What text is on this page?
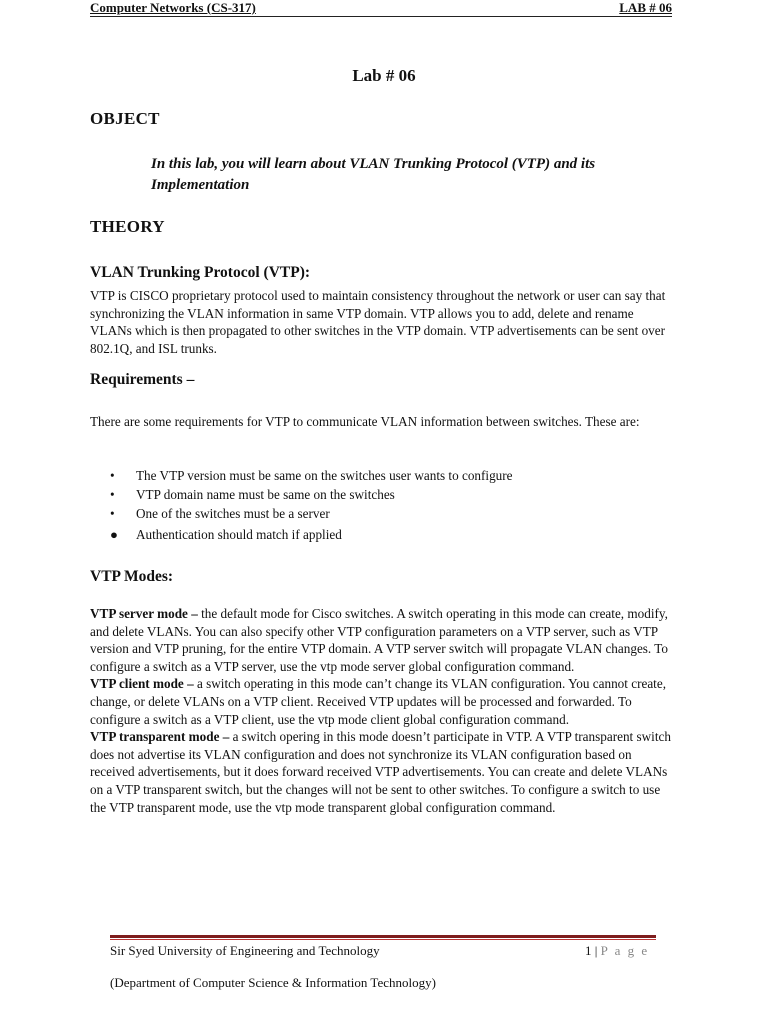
Computer Networks (CS-317)	LAB # 06
Lab # 06
OBJECT
In this lab, you will learn about VLAN Trunking Protocol (VTP) and its Implementation
THEORY
VLAN Trunking Protocol (VTP):
VTP is CISCO proprietary protocol used to maintain consistency throughout the network or user can say that synchronizing the VLAN information in same VTP domain. VTP allows you to add, delete and rename VLANs which is then propagated to other switches in the VTP domain. VTP advertisements can be sent over 802.1Q, and ISL trunks.
Requirements –
There are some requirements for VTP to communicate VLAN information between switches. These are:
•	The VTP version must be same on the switches user wants to configure
•	VTP domain name must be same on the switches
•	One of the switches must be a server
●	Authentication should match if applied
VTP Modes:
VTP server mode – the default mode for Cisco switches. A switch operating in this mode can create, modify, and delete VLANs. You can also specify other VTP configuration parameters on a VTP server, such as VTP version and VTP pruning, for the entire VTP domain. A VTP server switch will propagate VLAN changes. To configure a switch as a VTP server, use the vtp mode server global configuration command.
VTP client mode – a switch operating in this mode can’t change its VLAN configuration. You cannot create, change, or delete VLANs on a VTP client. Received VTP updates will be processed and forwarded. To configure a switch as a VTP client, use the vtp mode client global configuration command.
VTP transparent mode – a switch opering in this mode doesn’t participate in VTP. A VTP transparent switch does not advertise its VLAN configuration and does not synchronize its VLAN configuration based on received advertisements, but it does forward received VTP advertisements. You can create and delete VLANs on a VTP transparent switch, but the changes will not be sent to other switches. To configure a switch to use the VTP transparent mode, use the vtp mode transparent global configuration command.
Sir Syed University of Engineering and Technology	1 | P a g e
(Department of Computer Science & Information Technology)
